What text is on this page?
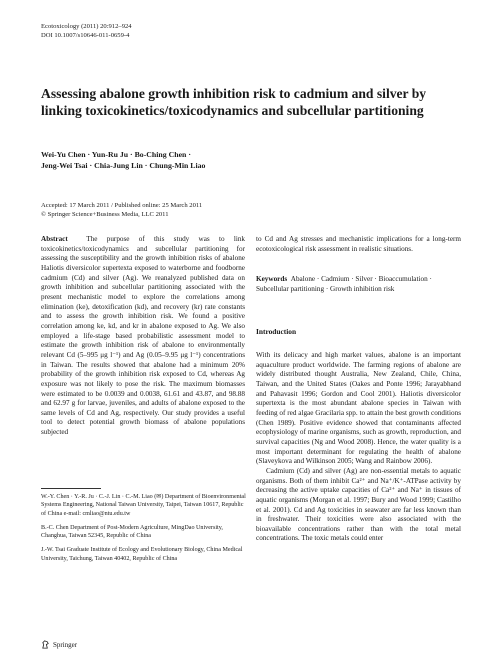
Ecotoxicology (2011) 20:912–924
DOI 10.1007/s10646-011-0659-4
Assessing abalone growth inhibition risk to cadmium and silver by linking toxicokinetics/toxicodynamics and subcellular partitioning
Wei-Yu Chen · Yun-Ru Ju · Bo-Ching Chen ·
Jeng-Wei Tsai · Chia-Jung Lin · Chung-Min Liao
Accepted: 17 March 2011 / Published online: 25 March 2011
© Springer Science+Business Media, LLC 2011

Abstract	The purpose of this study was to link toxicokinetics/toxicodynamics and subcellular partitioning for assessing the susceptibility and the growth inhibition risks of abalone Haliotis diversicolor supertexta exposed to waterborne and foodborne cadmium (Cd) and silver (Ag). We reanalyzed published data on growth inhibition and subcellular partitioning associated with the present mechanistic model to explore the correlations among elimination (ke), detoxification (kd), and recovery (kr) rate constants and to assess the growth inhibition risk. We found a positive correlation among ke, kd, and kr in abalone exposed to Ag. We also employed a life-stage based probabilistic assessment model to estimate the growth inhibition risk of abalone to environmentally relevant Cd (5–995 μg l⁻¹) and Ag (0.05–9.95 μg l⁻¹) concentrations in Taiwan. The results showed that abalone had a minimum 20% probability of the growth inhibition risk exposed to Cd, whereas Ag exposure was not likely to pose the risk. The maximum biomasses were estimated to be 0.0039 and 0.0038, 61.61 and 43.87, and 98.88 and 62.97 g for larvae, juveniles, and adults of abalone exposed to the same levels of Cd and Ag, respectively. Our study provides a useful tool to detect potential growth biomass of abalone populations subjected

to Cd and Ag stresses and mechanistic implications for a long-term ecotoxicological risk assessment in realistic situations.

Keywords Abalone · Cadmium · Silver · Bioaccumulation · Subcellular partitioning · Growth inhibition risk

Introduction

With its delicacy and high market values, abalone is an important aquaculture product worldwide. The farming regions of abalone are widely distributed thought Australia, New Zealand, Chile, China, Taiwan, and the United States (Oakes and Ponte 1996; Jarayabhand and Pahavasit 1996; Gordon and Cool 2001). Haliotis diversicolor supertexta is the most abundant abalone species in Taiwan with feeding of red algae Gracilaria spp. to attain the best growth conditions (Chen 1989). Positive evidence showed that contaminants affected ecophysiology of marine organisms, such as growth, reproduction, and survival capacities (Ng and Wood 2008). Hence, the water quality is a most important determinant for regulating the health of abalone (Slaveykova and Wilkinson 2005; Wang and Rainbow 2006).

Cadmium (Cd) and silver (Ag) are non-essential metals to aquatic organisms. Both of them inhibit Ca²⁺ and Na⁺/K⁺-ATPase activity by decreasing the active uptake capacities of Ca²⁺ and Na⁺ in tissues of aquatic organisms (Morgan et al. 1997; Bury and Wood 1999; Castilho et al. 2001). Cd and Ag toxicities in seawater are far less known than in freshwater. Their toxicities were also associated with the bioavailable concentrations rather than with the total metal concentrations. The toxic metals could enter

W.-Y. Chen · Y.-R. Ju · C.-J. Lin · C.-M. Liao (✉) Department of Bioenvironmental Systems Engineering, National Taiwan University, Taipei, Taiwan 10617, Republic of China e-mail: cmliao@ntu.edu.tw

B.-C. Chen Department of Post-Modern Agriculture, MingDao University, Changhua, Taiwan 52345, Republic of China

J.-W. Tsai Graduate Institute of Ecology and Evolutionary Biology, China Medical University, Taichung, Taiwan 40402, Republic of China

Springer
